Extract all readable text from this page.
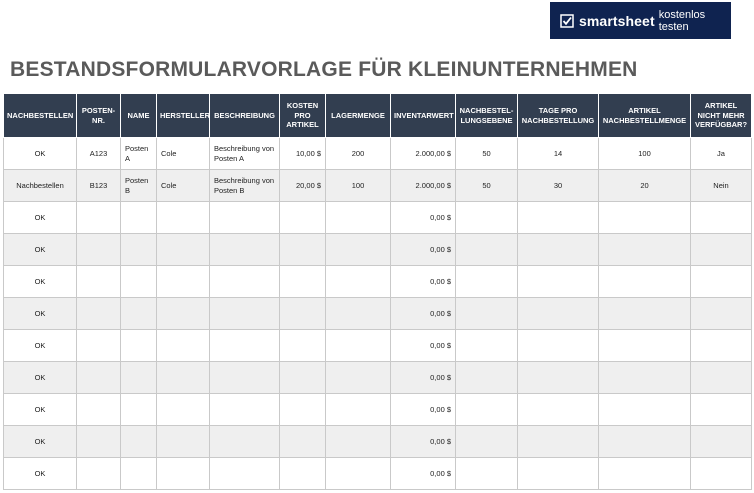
smartsheet kostenlos testen
BESTANDSFORMULARVORLAGE FÜR KLEINUNTERNEHMEN
NACHBESTELLEN	POSTEN-NR.	NAME	HERSTELLER	BESCHREIBUNG	KOSTEN PRO ARTIKEL	LAGERMENGE	INVENTARWERT	NACHBESTEL-LUNGSEBENE	TAGE PRO NACHBESTELLUNG	ARTIKEL NACHBESTELLMENGE	ARTIKEL NICHT MEHR VERFÜGBAR?
OK	A123	Posten A	Cole	Beschreibung von Posten A	10,00 $	200	2.000,00 $	50	14	100	Ja
Nachbestellen	B123	Posten B	Cole	Beschreibung von Posten B	20,00 $	100	2.000,00 $	50	30	20	Nein
OK							0,00 $				
OK							0,00 $				
OK							0,00 $				
OK							0,00 $				
OK							0,00 $				
OK							0,00 $				
OK							0,00 $				
OK							0,00 $				
OK							0,00 $				
